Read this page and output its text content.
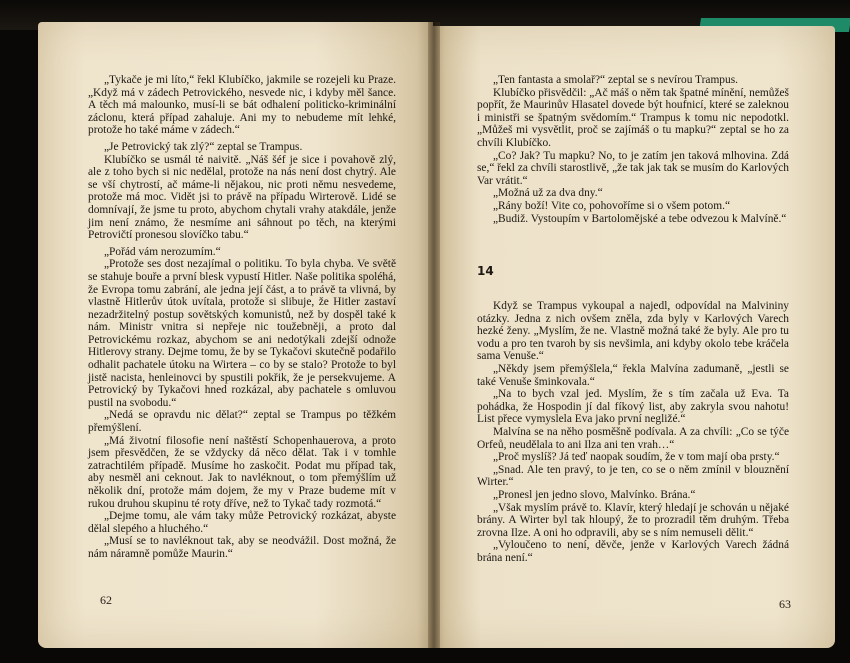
„Tykače je mi líto,“ řekl Klubíčko, jakmile se rozejeli ku Praze. „Když má v zádech Petrovického, nesvede nic, i kdyby měl šance. A těch má malounko, musí-li se bát odhalení politicko-kriminální záclonu, která případ zahaluje. Ani my to nebudeme mít lehké, protože ho také máme v zádech.“

„Je Petrovický tak zlý?“ zeptal se Trampus.

Klubíčko se usmál té naivitě. „Náš šéf je sice i povahově zlý, ale z toho bych si nic nedělal, protože na nás není dost chytrý. Ale se vší chytrostí, ač máme-li nějakou, nic proti němu nesvedeme, protože má moc. Vidět jsi to právě na případu Wirterově. Lidé se domnívají, že jsme tu proto, abychom chytali vrahy atakdále, jenže jim není známo, že nesmíme ani sáhnout po těch, na kterými Petrovičtí pronesou slovíčko tabu.“

„Pořád vám nerozumím.“

„Protože ses dost nezajímal o politiku. To byla chyba. Ve světě se stahuje bouře a první blesk vypustí Hitler. Naše politika spoléhá, že Evropa tomu zabrání, ale jedna její část, a to právě ta vlivná, by vlastně Hitlerův útok uvítala, protože si slibuje, že Hitler zastaví nezadržitelný postup sovětských komunistů, než by dospěl také k nám. Ministr vnitra si nepřeje nic toužebněji, a proto dal Petrovickému rozkaz, abychom se ani nedotýkali zdejší odnože Hitlerovy strany. Dejme tomu, že by se Tykačovi skutečně podařilo odhalit pachatele útoku na Wirtera – co by se stalo? Protože to byl jistě nacista, henleinovci by spustili pokřik, že je persekvujeme. A Petrovický by Tykačovi hned rozkázal, aby pachatele s omluvou pustil na svobodu.“

„Nedá se opravdu nic dělat?“ zeptal se Trampus po těžkém přemýšlení.

„Má životní filosofie není naštěstí Schopenhauerova, a proto jsem přesvědčen, že se vždycky dá něco dělat. Tak i v tomhle zatrachtilém případě. Musíme ho zaskočit. Podat mu případ tak, aby nesměl ani ceknout. Jak to navléknout, o tom přemýšlím už několik dní, protože mám dojem, že my v Praze budeme mít v rukou druhou skupinu té roty dříve, než to Tykač tady rozmotá.“

„Dejme tomu, ale vám taky může Petrovický rozkázat, abyste dělal slepého a hluchého.“

„Musí se to navléknout tak, aby se neodvážil. Dost možná, že nám náramně pomůže Maurin.“

62

„Ten fantasta a smolař?“ zeptal se s nevírou Trampus.

Klubíčko přisvědčil: „Ač máš o něm tak špatné mínění, nemůžeš popřít, že Maurinův Hlasatel dovede být houfnicí, které se zaleknou i ministři se špatným svědomím.“ Trampus k tomu nic nepodotkl. „Můžeš mi vysvětlit, proč se zajímáš o tu mapku?“ zeptal se ho za chvíli Klubíčko.

„Co? Jak? Tu mapku? No, to je zatím jen taková mlhovina. Zdá se,“ řekl za chvíli starostlivě, „že tak jak tak se musím do Karlových Var vrátit.“

„Možná už za dva dny.“

„Rány boží! Vite co, pohovoříme si o všem potom.“

„Budiž. Vystoupím v Bartolomějské a tebe odvezou k Malvíně.“

14

Když se Trampus vykoupal a najedl, odpovídal na Malvininy otázky. Jedna z nich ovšem zněla, zda byly v Karlových Varech hezké ženy. „Myslím, že ne. Vlastně možná také že byly. Ale pro tu vodu a pro ten tvaroh by sis nevšimla, ani kdyby okolo tebe kráčela sama Venuše.“

„Někdy jsem přemýšlela,“ řekla Malvína zadumaně, „jestli se také Venuše šminkovala.“

„Na to bych vzal jed. Myslím, že s tím začala už Eva. Ta pohádka, že Hospodin jí dal fíkový list, aby zakryla svou nahotu! List přece vymyslela Eva jako první negližé.“

Malvína se na něho posměšně podívala. A za chvíli: „Co se týče Orfeů, neudělala to ani Ilza ani ten vrah…“

„Proč myslíš? Já teď naopak soudím, že v tom mají oba prsty.“

„Snad. Ale ten pravý, to je ten, co se o něm zmínil v blouznění Wirter.“

„Pronesl jen jedno slovo, Malvínko. Brána.“

„Však myslím právě to. Klavír, který hledají je schován u nějaké brány. A Wirter byl tak hloupý, že to prozradil těm druhým. Třeba zrovna Ilze. A oni ho odpravili, aby se s ním nemuseli dělit.“

„Vyloučeno to není, děvče, jenže v Karlových Varech žádná brána není.“

63
